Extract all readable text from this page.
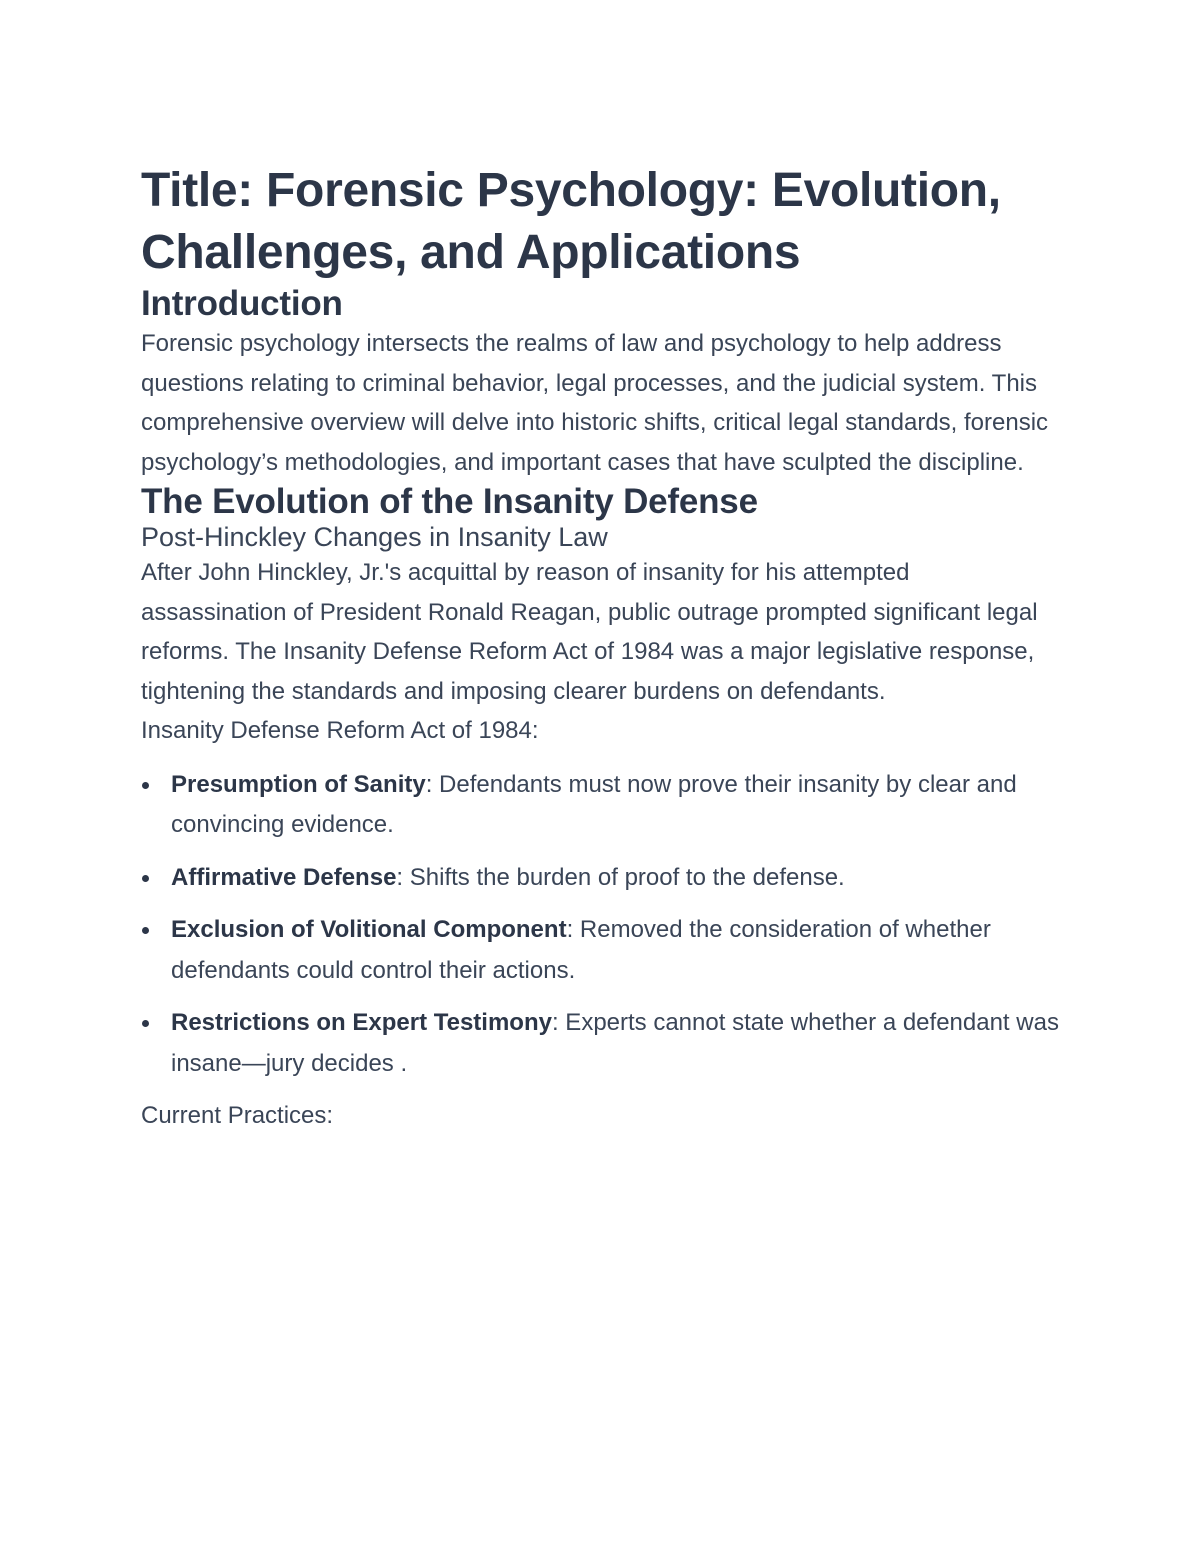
Title: Forensic Psychology: Evolution, Challenges, and Applications
Introduction

Forensic psychology intersects the realms of law and psychology to help address questions relating to criminal behavior, legal processes, and the judicial system. This comprehensive overview will delve into historic shifts, critical legal standards, forensic psychology’s methodologies, and important cases that have sculpted the discipline.

The Evolution of the Insanity Defense
Post-Hinckley Changes in Insanity Law

After John Hinckley, Jr.'s acquittal by reason of insanity for his attempted assassination of President Ronald Reagan, public outrage prompted significant legal reforms. The Insanity Defense Reform Act of 1984 was a major legislative response, tightening the standards and imposing clearer burdens on defendants.

Insanity Defense Reform Act of 1984:

Presumption of Sanity: Defendants must now prove their insanity by clear and convincing evidence.
Affirmative Defense: Shifts the burden of proof to the defense.
Exclusion of Volitional Component: Removed the consideration of whether defendants could control their actions.
Restrictions on Expert Testimony: Experts cannot state whether a defendant was insane—jury decides .

Current Practices:
